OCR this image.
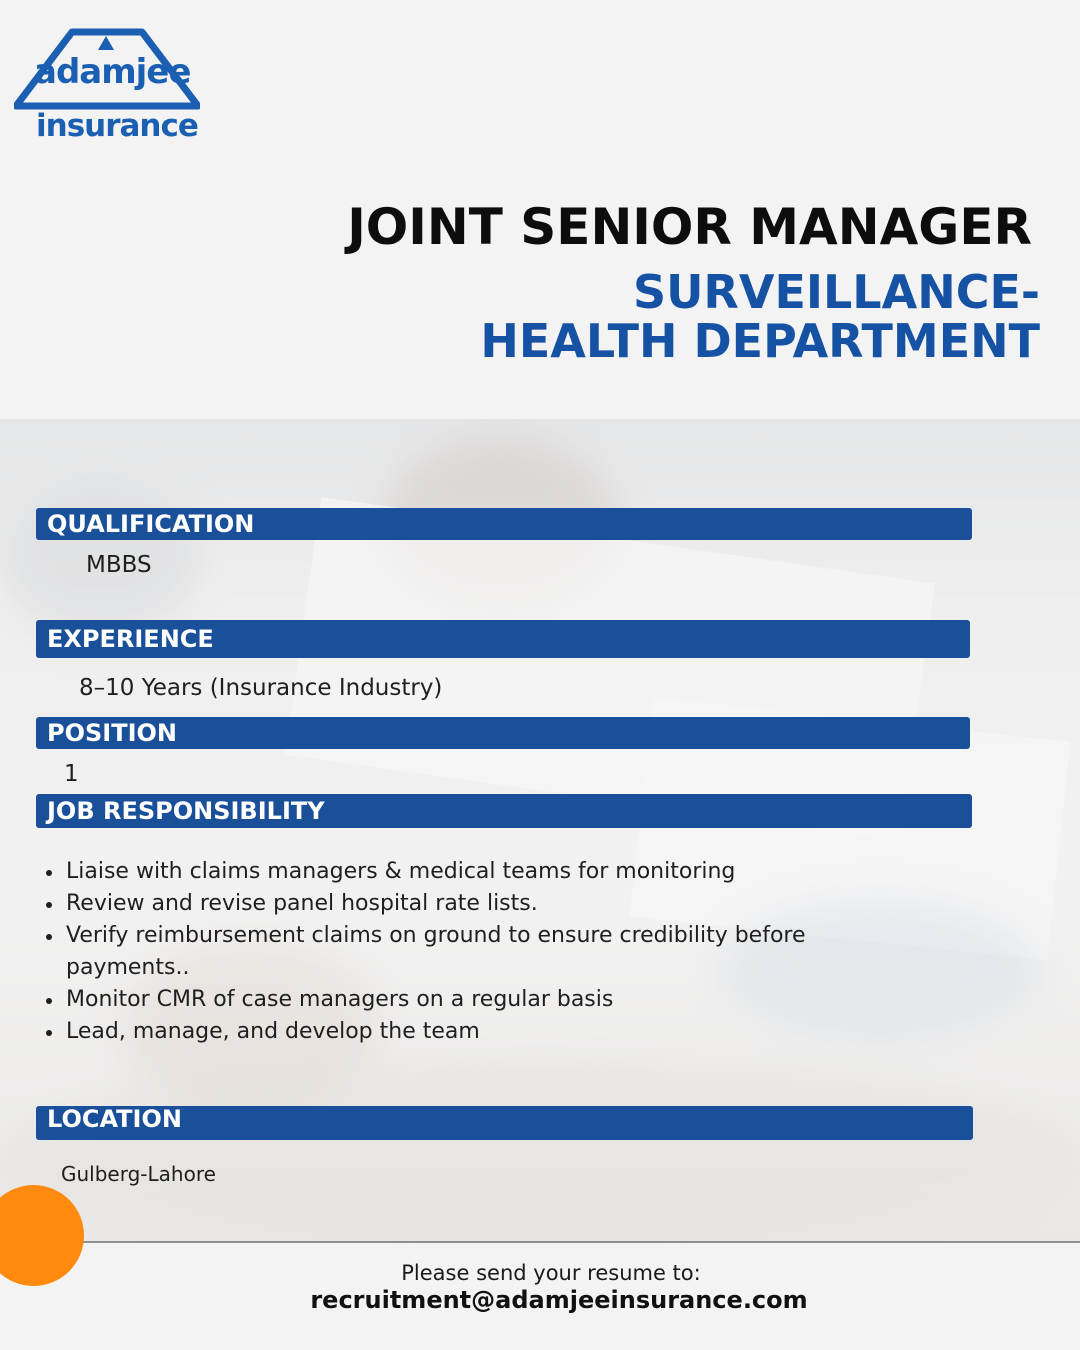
adamjee
insurance
JOINT SENIOR MANAGER
SURVEILLANCE-
HEALTH DEPARTMENT
QUALIFICATION
MBBS
EXPERIENCE
8–10 Years (Insurance Industry)
POSITION
1
JOB RESPONSIBILITY
Liaise with claims managers & medical teams for monitoring
Review and revise panel hospital rate lists.
Verify reimbursement claims on ground to ensure credibility before payments..
Monitor CMR of case managers on a regular basis
Lead, manage, and develop the team
LOCATION
Gulberg-Lahore
Please send your resume to:
recruitment@adamjeeinsurance.com
